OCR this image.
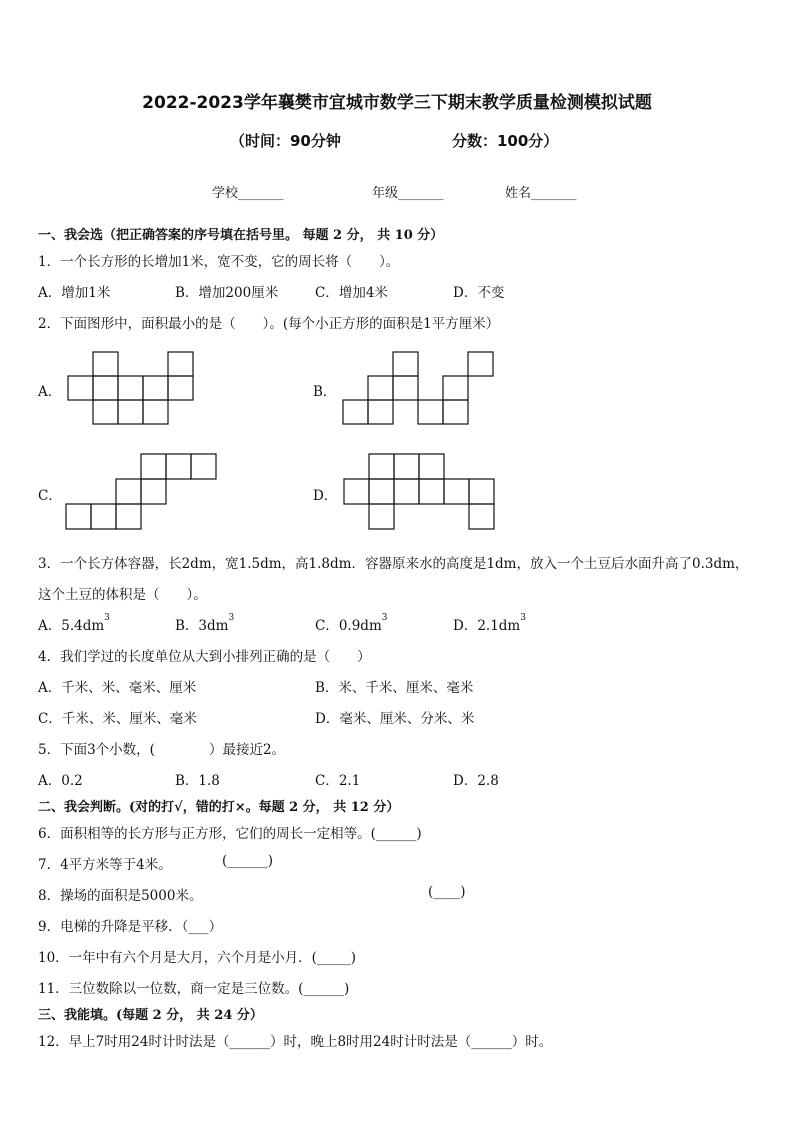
2022-2023学年襄樊市宜城市数学三下期末教学质量检测模拟试题
（时间：90分钟	分数：100分）
学校_______	年级_______	姓名_______
一、我会选（把正确答案的序号填在括号里。 每题 2 分， 共 10 分）
1．一个长方形的长增加1米，宽不变，它的周长将（　　）。
A．增加1米	B．增加200厘米	C．增加4米	D．不变
2．下面图形中，面积最小的是（　　）。(每个小正方形的面积是1平方厘米）
A．	B．
C．	D．
3．一个长方体容器，长2dm，宽1.5dm，高1.8dm．容器原来水的高度是1dm，放入一个土豆后水面升高了0.3dm，
这个土豆的体积是（　　）。
A．$5.4dm^3$	B．$3dm^3$	C．$0.9dm^3$	D．$2.1dm^3$
4．我们学过的长度单位从大到小排列正确的是（　　）
A．千米、米、毫米、厘米	B．米、千米、厘米、毫米
C．千米、米、厘米、毫米	D．毫米、厘米、分米、米
5．下面3个小数，(　　　　）最接近2。
A．0.2	B．1.8	C．2.1	D．2.8
二、我会判断。(对的打√，错的打×。每题 2 分， 共 12 分）
6．面积相等的长方形与正方形，它们的周长一定相等。(______)
7．4平方米等于4米。	(______)
8．操场的面积是5000米。	(____)
9．电梯的升降是平移．（___）
10．一年中有六个月是大月，六个月是小月．(_____)
11．三位数除以一位数，商一定是三位数。(______)
三、我能填。(每题 2 分， 共 24 分）
12．早上7时用24时计时法是（______）时，晚上8时用24时计时法是（______）时。
